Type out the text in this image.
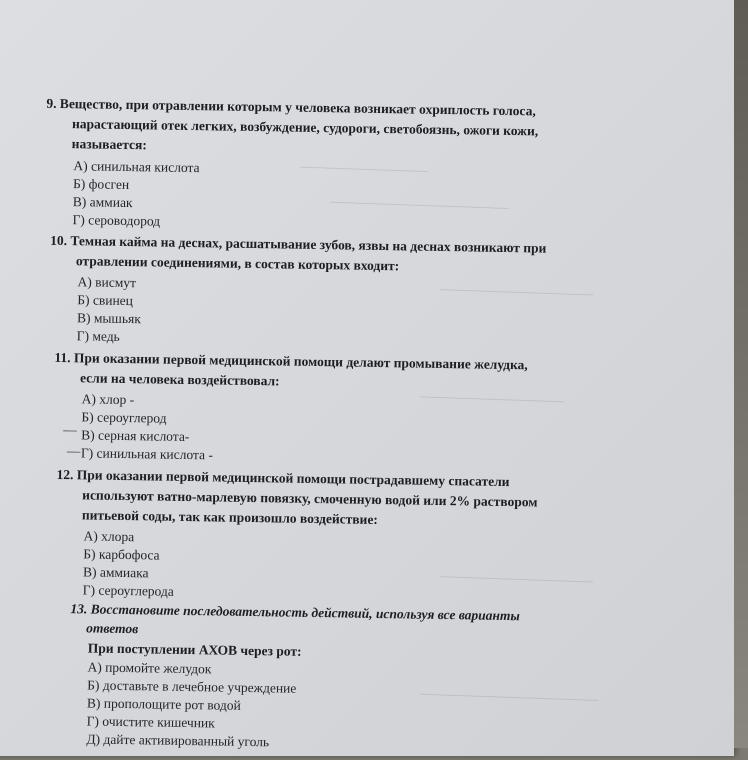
───────────────
─────────────────────
──────────────────
─────────────────
──────────────────
─────────────────────
9. Вещество, при отравлении которым у человека возникает охриплость голоса,
нарастающий отек легких, возбуждение, судороги, светобоязнь, ожоги кожи,
называется:
А) синильная кислота
Б) фосген
В) аммиак
Г) сероводород
10. Темная кайма на деснах, расшатывание зубов, язвы на деснах возникают при
отравлении соединениями, в состав которых входит:
А) висмут
Б) свинец
В) мышьяк
Г) медь
11. При оказании первой медицинской помощи делают промывание желудка,
если на человека воздействовал:
А) хлор -
Б) сероуглерод
— В) серная кислота-
— Г) синильная кислота -
12. При оказании первой медицинской помощи пострадавшему спасатели
используют ватно-марлевую повязку, смоченную водой или 2% раствором
питьевой соды, так как произошло воздействие:
А) хлора
Б) карбофоса
В) аммиака
Г) сероуглерода
13. Восстановите последовательность действий, используя все варианты
ответов
При поступлении АХОВ через рот:
А) промойте желудок
Б) доставьте в лечебное учреждение
В) прополощите рот водой
Г) очистите кишечник
Д) дайте активированный уголь
